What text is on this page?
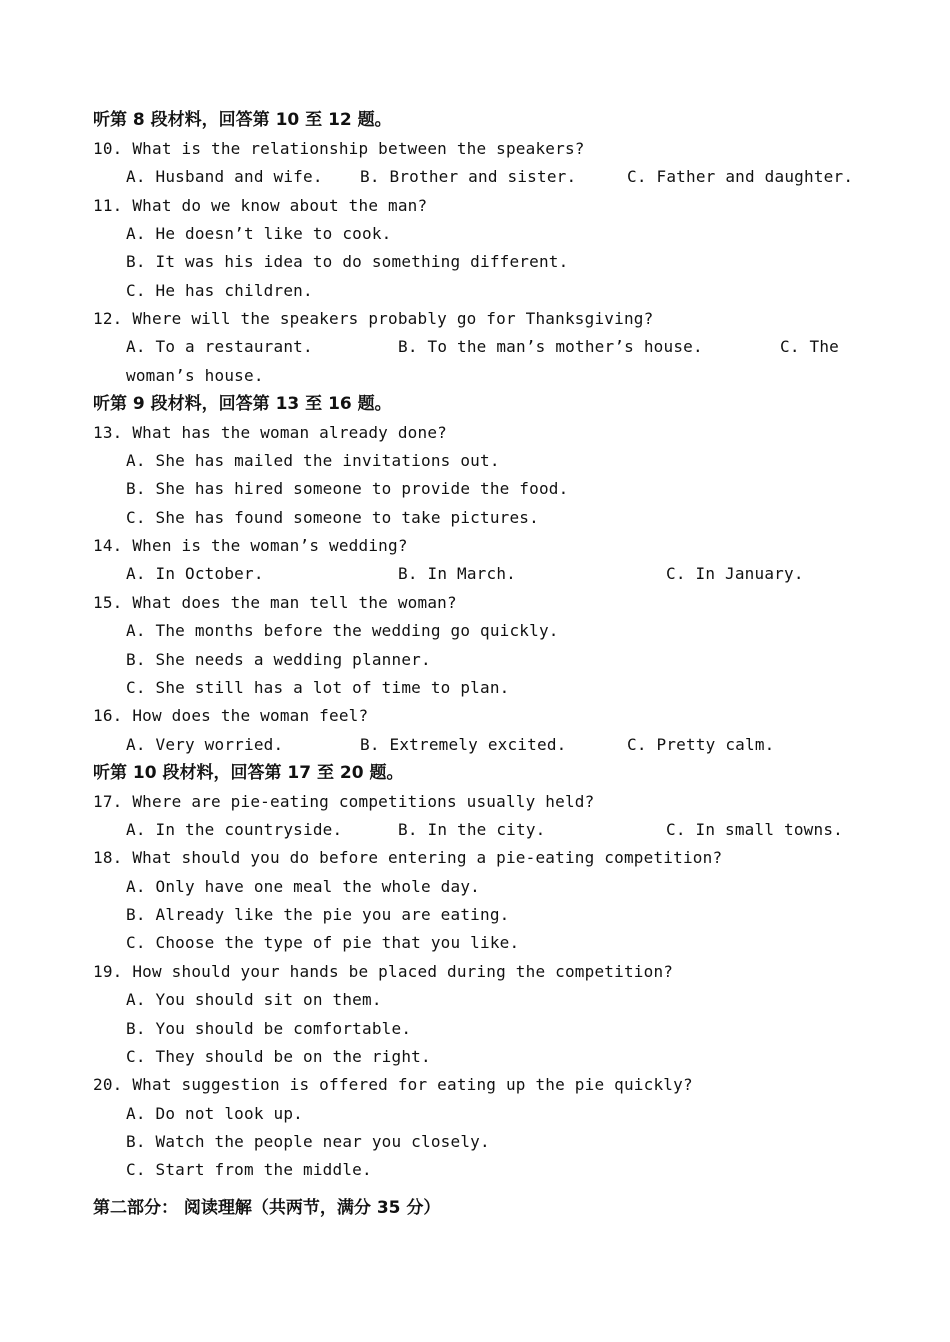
听第 8 段材料，回答第 10 至 12 题。
10. What is the relationship between the speakers?
A. Husband and wife. B. Brother and sister.	C. Father and daughter.
11. What do we know about the man?
A. He doesn’t like to cook.
B. It was his idea to do something different.
C. He has children.
12. Where will the speakers probably go for Thanksgiving?
A. To a restaurant.	B. To the man’s mother’s house.	C. The
woman’s house.
听第 9 段材料，回答第 13 至 16 题。
13. What has the woman already done?
A. She has mailed the invitations out.
B. She has hired someone to provide the food.
C. She has found someone to take pictures.
14. When is the woman’s wedding?
A. In October.	B. In March.	C. In January.
15. What does the man tell the woman?
A. The months before the wedding go quickly.
B. She needs a wedding planner.
C. She still has a lot of time to plan.
16. How does the woman feel?
A. Very worried.	B. Extremely excited.	C. Pretty calm.
听第 10 段材料，回答第 17 至 20 题。
17. Where are pie-eating competitions usually held?
A. In the countryside.	B. In the city.	C. In small towns.
18. What should you do before entering a pie-eating competition?
A. Only have one meal the whole day.
B. Already like the pie you are eating.
C. Choose the type of pie that you like.
19. How should your hands be placed during the competition?
A. You should sit on them.
B. You should be comfortable.
C. They should be on the right.
20. What suggestion is offered for eating up the pie quickly?
A. Do not look up.
B. Watch the people near you closely.
C. Start from the middle.
第二部分： 阅读理解（共两节，满分 35 分）
